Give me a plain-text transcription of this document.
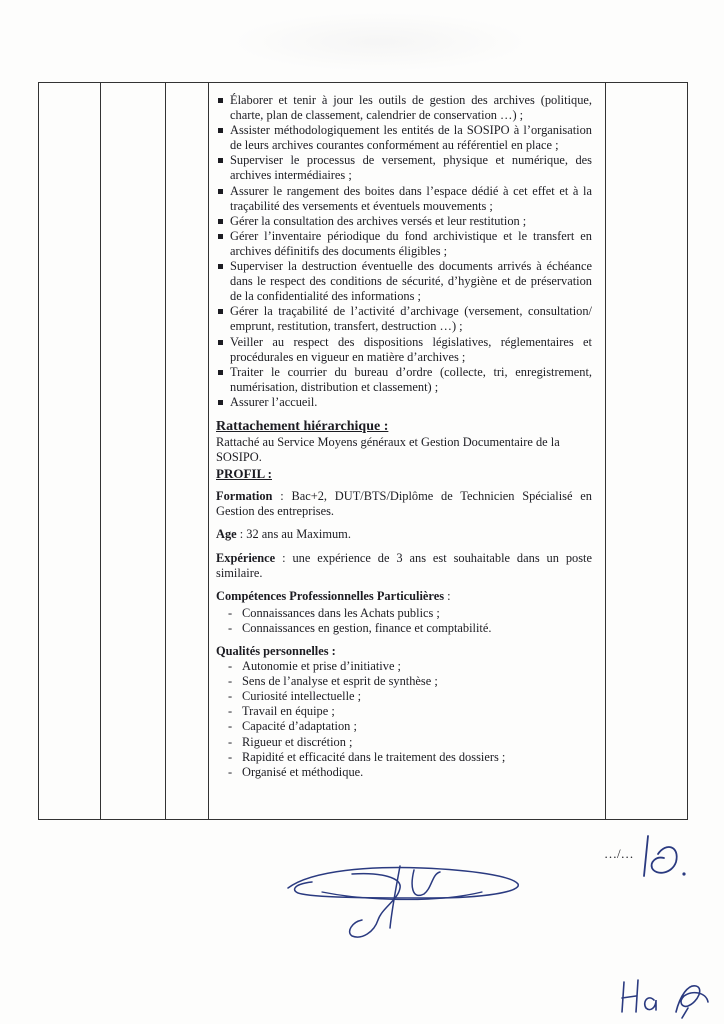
Élaborer et tenir à jour les outils de gestion des archives (politique, charte, plan de classement, calendrier de conservation …) ;
Assister méthodologiquement les entités de la SOSIPO à l’organisation de leurs archives courantes conformément au référentiel en place ;
Superviser le processus de versement, physique et numérique, des archives intermédiaires ;
Assurer le rangement des boites dans l’espace dédié à cet effet et à la traçabilité des versements et éventuels mouvements ;
Gérer la consultation des archives versés et leur restitution ;
Gérer l’inventaire périodique du fond archivistique et le transfert en archives définitifs des documents éligibles ;
Superviser la destruction éventuelle des documents arrivés à échéance dans le respect des conditions de sécurité, d’hygiène et de préservation de la confidentialité des informations ;
Gérer la traçabilité de l’activité d’archivage (versement, consultation/ emprunt, restitution, transfert, destruction …) ;
Veiller au respect des dispositions législatives, réglementaires et procédurales en vigueur en matière d’archives ;
Traiter le courrier du bureau d’ordre (collecte, tri, enregistrement, numérisation, distribution et classement) ;
Assurer l’accueil.
Rattachement hiérarchique :

Rattaché au Service Moyens généraux et Gestion Documentaire de la SOSIPO.

PROFIL :

Formation : Bac+2, DUT/BTS/Diplôme de Technicien Spécialisé en Gestion des entreprises.

Age : 32 ans au Maximum.

Expérience : une expérience de 3 ans est souhaitable dans un poste similaire.

Compétences Professionnelles Particulières :
- Connaissances dans les Achats publics ;
- Connaissances en gestion, finance et comptabilité.
Qualités personnelles :
- Autonomie et prise d’initiative ;
- Sens de l’analyse et esprit de synthèse ;
- Curiosité intellectuelle ;
- Travail en équipe ;
- Capacité d’adaptation ;
- Rigueur et discrétion ;
- Rapidité et efficacité dans le traitement des dossiers ;
- Organisé et méthodique.
…/…
